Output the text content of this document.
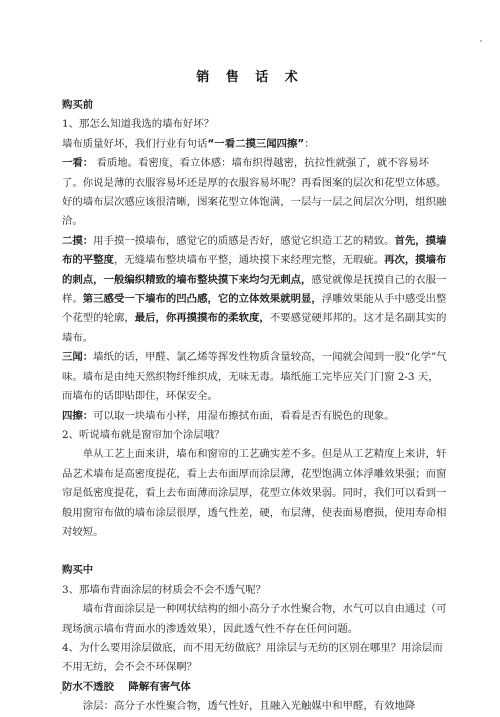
销 售 话 术

购买前

1、那怎么知道我选的墙布好坏？

墙布质量好坏，我们行业有句话“一看二摸三闻四擦”：

一看： 看质地。看密度，看立体感：墙布织得越密，抗拉性就强了，就不容易坏了。你说是薄的衣服容易坏还是厚的衣服容易坏呢？再看图案的层次和花型立体感。好的墙布层次感应该很清晰，图案花型立体饱满，一层与一层之间层次分明，组织融洽。

二摸：用手摸一摸墙布，感觉它的质感是否好，感觉它织造工艺的精致。首先，摸墙布的平整度，无缝墙布整块墙布平整，通块摸下来经理完整，无瑕疵。再次，摸墙布的刺点，一般编织精致的墙布整块摸下来均匀无刺点，感觉就像是抚摸自己的衣服一样。第三感受一下墙布的凹凸感，它的立体效果就明显，浮雕效果能从手中感受出整个花型的轮廓，最后，你再摸摸布的柔软度，不要感觉硬邦邦的。这才是名副其实的墙布。

三闻：墙纸的话，甲醛、氯乙烯等挥发性物质含量较高，一闻就会闻到一股“化学”气味。墙布是由纯天然织物纤维织成，无味无毒。墙纸施工完毕应关门门窗 2-3 天，而墙布的话即贴即住，环保安全。

四擦：可以取一块墙布小样，用湿布擦拭布面，看看是否有脱色的现象。

2、听说墙布就是窗帘加个涂层哦？

单从工艺上面来讲，墙布和窗帘的工艺确实差不多。但是从工艺精度上来讲，轩品艺术墙布是高密度提花，看上去布面厚而涂层薄，花型饱满立体浮雕效果强；而窗帘是低密度提花，看上去布面薄而涂层厚，花型立体效果弱。同时，我们可以看到一般用窗帘布做的墙布涂层很厚，透气性差，硬，布层薄，使表面易磨损，使用寿命相对较短。

购买中

3、那墙布背面涂层的材质会不会不透气呢？

墙布背面涂层是一种网状结构的细小高分子水性聚合物，水气可以自由通过（可现场演示墙布背面水的渗透效果），因此透气性不存在任何问题。

4、为什么要用涂层做底，而不用无纺做底？用涂层与无纺的区别在哪里？用涂层而不用无纺，会不会不环保啊？

防水不透胶    降解有害气体

涂层：高分子水性聚合物，透气性好，且融入光触媒中和甲醛，有效地降
